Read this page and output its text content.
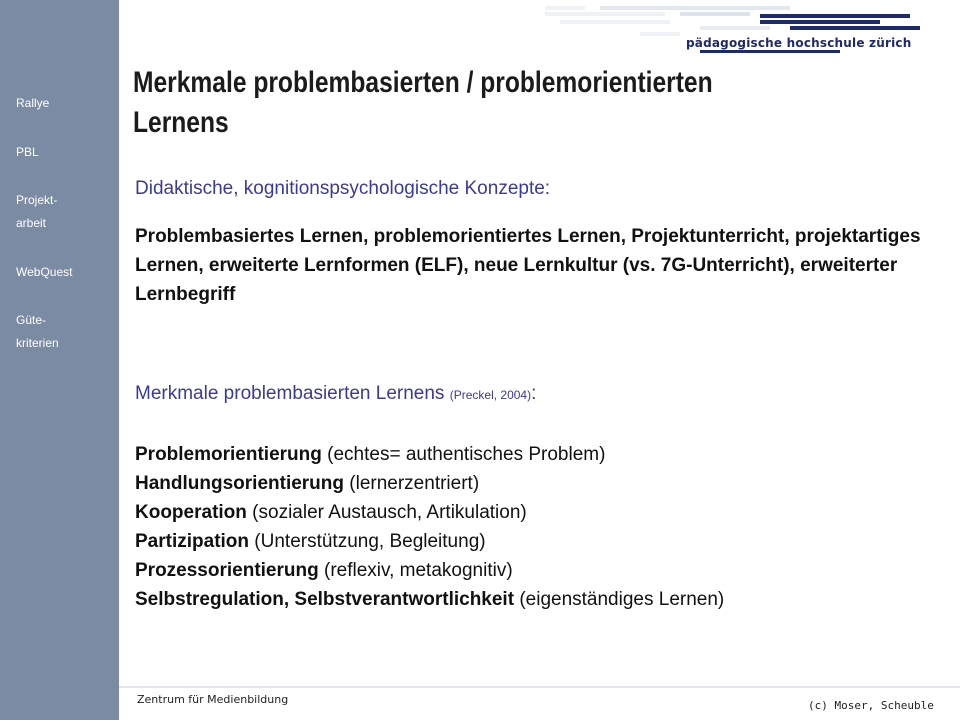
Rallye
PBL
Projekt-
arbeit
WebQuest
Güte-
kriterien
pädagogische hochschule zürich
Merkmale problembasierten / problemorientierten Lernens
Didaktische, kognitionspsychologische Konzepte:
Problembasiertes Lernen, problemorientiertes Lernen, Projektunterricht, projektartiges Lernen, erweiterte Lernformen (ELF), neue Lernkultur (vs. 7G-Unterricht), erweiterter Lernbegriff
Merkmale problembasierten Lernens (Preckel, 2004):
Problemorientierung (echtes= authentisches Problem)
Handlungsorientierung (lernerzentriert)
Kooperation (sozialer Austausch, Artikulation)
Partizipation (Unterstützung, Begleitung)
Prozessorientierung (reflexiv, metakognitiv)
Selbstregulation, Selbstverantwortlichkeit (eigenständiges Lernen)
Zentrum für Medienbildung	(c) Moser, Scheuble
